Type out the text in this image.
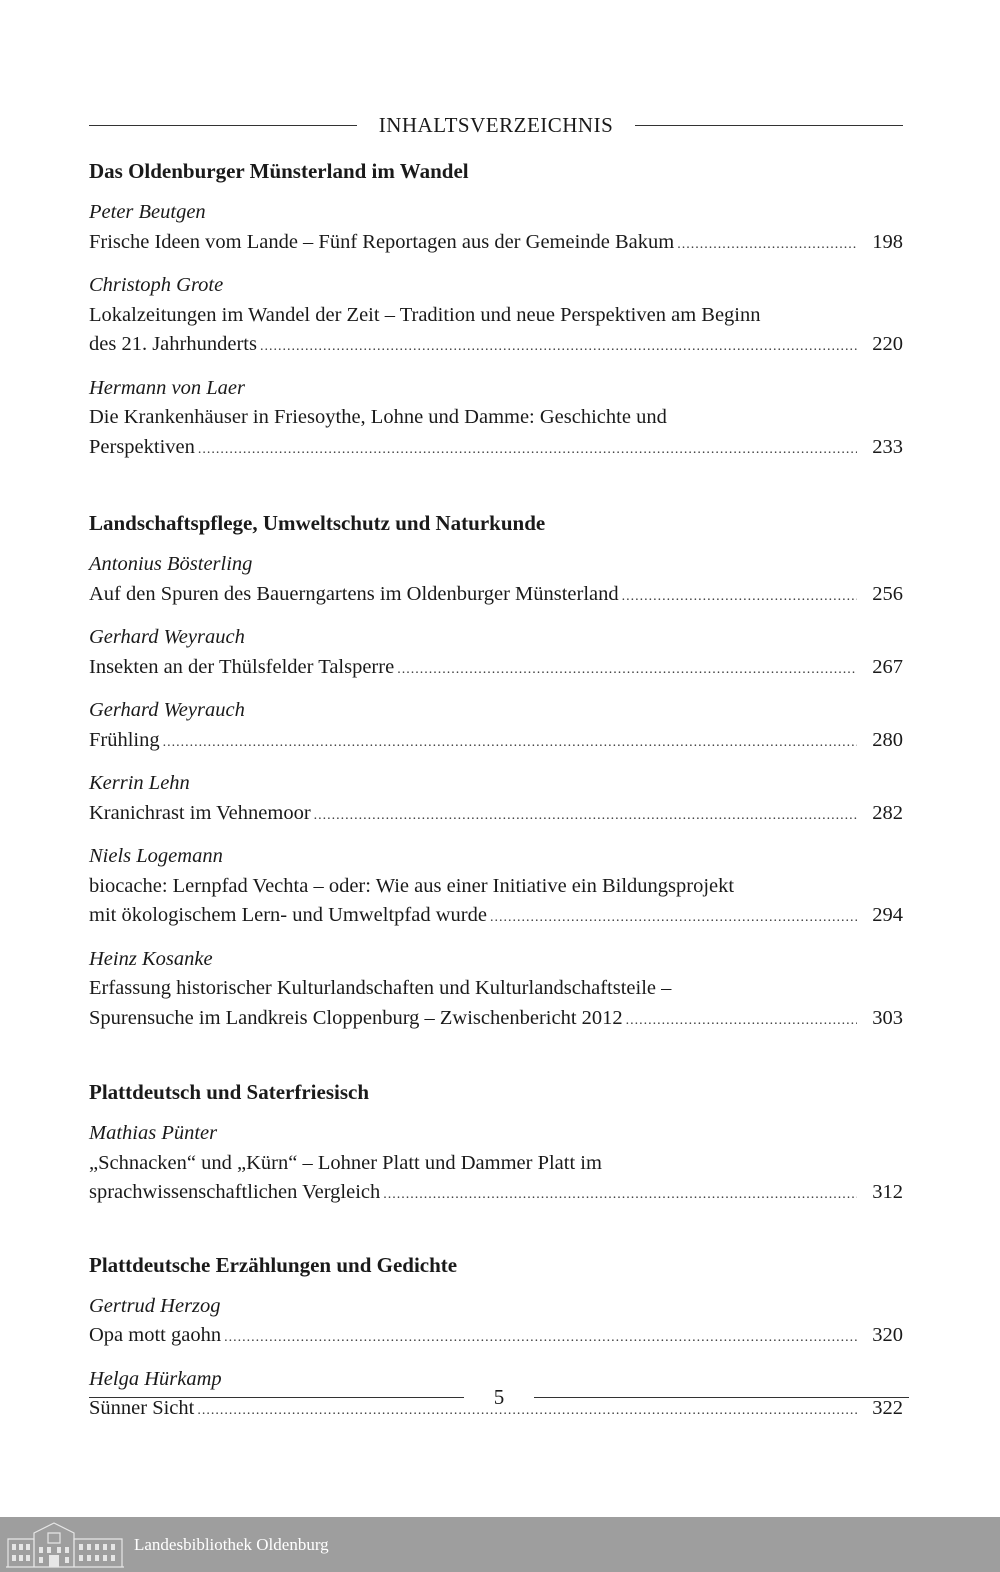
INHALTSVERZEICHNIS
Das Oldenburger Münsterland im Wandel
Peter Beutgen
Frische Ideen vom Lande – Fünf Reportagen aus der Gemeinde Bakum .....	198
Christoph Grote
Lokalzeitungen im Wandel der Zeit – Tradition und neue Perspektiven am Beginn
des 21. Jahrhunderts .....	220
Hermann von Laer
Die Krankenhäuser in Friesoythe, Lohne und Damme: Geschichte und
Perspektiven .....	233
Landschaftspflege, Umweltschutz und Naturkunde
Antonius Bösterling
Auf den Spuren des Bauerngartens im Oldenburger Münsterland .....	256
Gerhard Weyrauch
Insekten an der Thülsfelder Talsperre .....	267
Gerhard Weyrauch
Frühling .....	280
Kerrin Lehn
Kranichrast im Vehnemoor .....	282
Niels Logemann
biocache: Lernpfad Vechta – oder: Wie aus einer Initiative ein Bildungsprojekt
mit ökologischem Lern- und Umweltpfad wurde .....	294
Heinz Kosanke
Erfassung historischer Kulturlandschaften und Kulturlandschaftsteile –
Spurensuche im Landkreis Cloppenburg – Zwischenbericht 2012 .....	303
Plattdeutsch und Saterfriesisch
Mathias Pünter
„Schnacken“ und „Kürn“ – Lohner Platt und Dammer Platt im
sprachwissenschaftlichen Vergleich .....	312
Plattdeutsche Erzählungen und Gedichte
Gertrud Herzog
Opa mott gaohn .....	320
Helga Hürkamp
Sünner Sicht .....	322
5
Landesbibliothek Oldenburg
